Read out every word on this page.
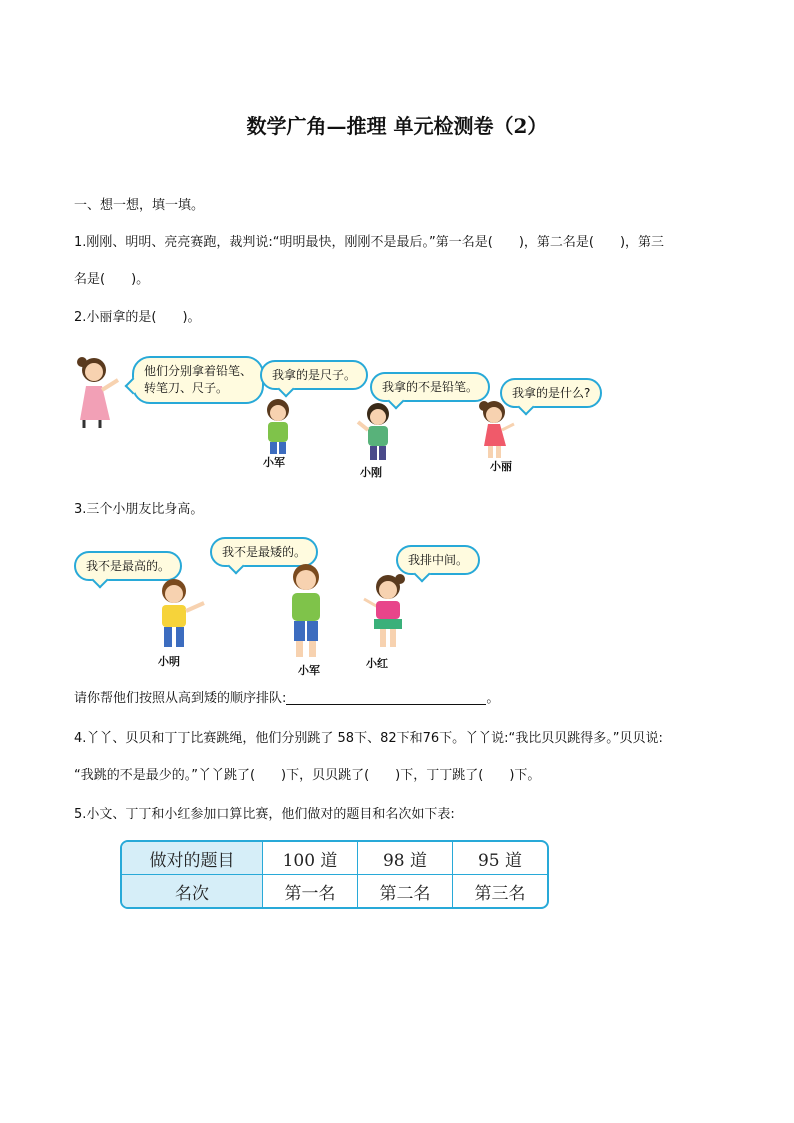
数学广角—推理 单元检测卷（2）
一、想一想，填一填。
1.刚刚、明明、亮亮赛跑，裁判说:“明明最快，刚刚不是最后。”第一名是(　　)，第二名是(　　)，第三
名是(　　)。
2.小丽拿的是(　　)。
他们分别拿着铅笔、
转笔刀、尺子。
我拿的是尺子。
小军
我拿的不是铅笔。
小刚
我拿的是什么?
小丽
3.三个小朋友比身高。
我不是最高的。
小明
我不是最矮的。
小军
我排中间。
小红
请你帮他们按照从高到矮的顺序排队:	。
4.丫丫、贝贝和丁丁比赛跳绳，他们分别跳了 58下、82下和76下。丫丫说:“我比贝贝跳得多。”贝贝说:
“我跳的不是最少的。”丫丫跳了(　　)下，贝贝跳了(　　)下，丁丁跳了(　　)下。
5.小文、丁丁和小红参加口算比赛，他们做对的题目和名次如下表:
做对的题目	100 道	98 道	95 道
名次	第一名	第二名	第三名
